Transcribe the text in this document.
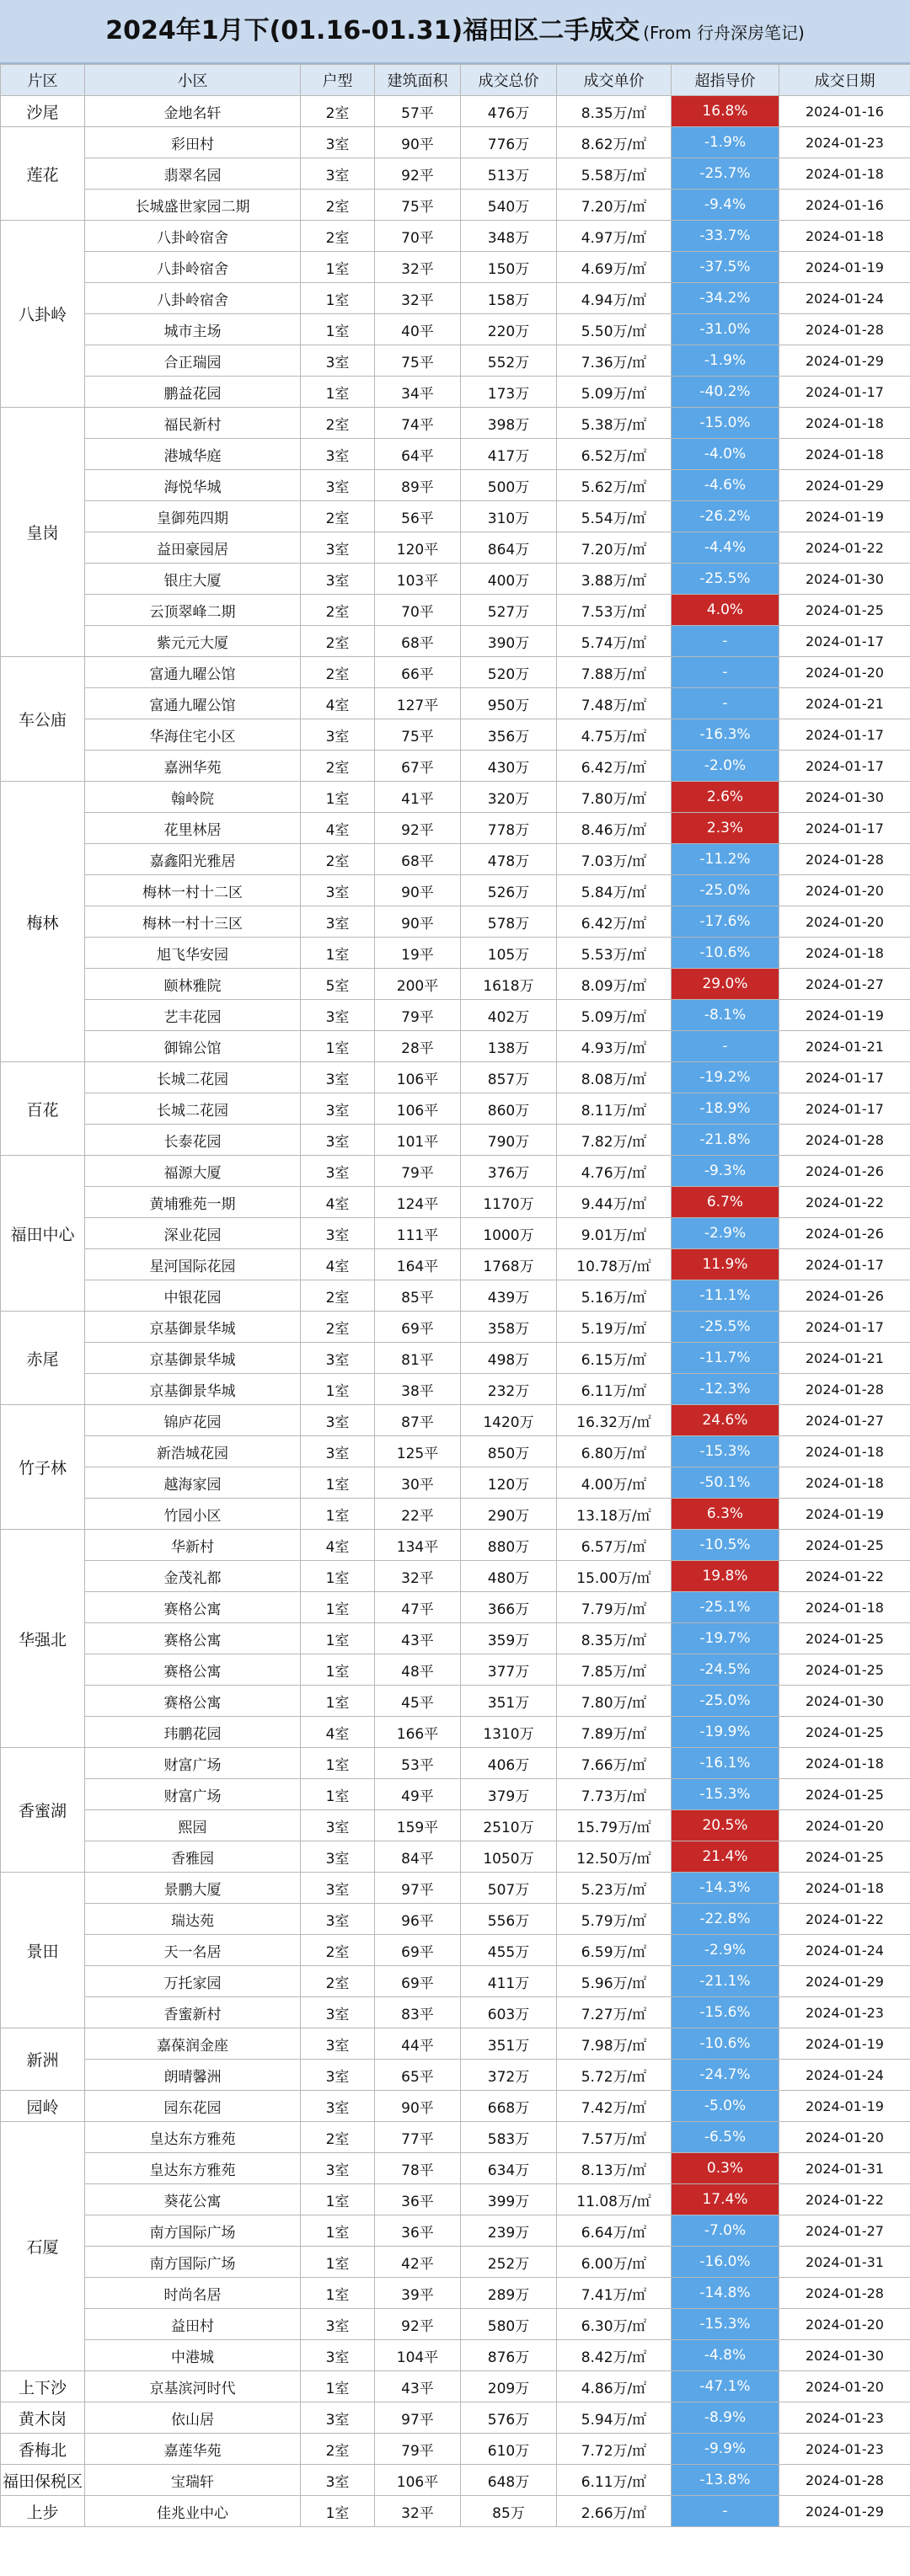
2024年1月下(01.16-01.31)福田区二手成交 (From 行舟深房笔记)
片区	小区	户型	建筑面积	成交总价	成交单价	超指导价	成交日期
沙尾	金地名轩	2室	57平	476万	8.35万/㎡	16.8%	2024-01-16
莲花	彩田村	3室	90平	776万	8.62万/㎡	-1.9%	2024-01-23
	翡翠名园	3室	92平	513万	5.58万/㎡	-25.7%	2024-01-18
	长城盛世家园二期	2室	75平	540万	7.20万/㎡	-9.4%	2024-01-16
八卦岭	八卦岭宿舍	2室	70平	348万	4.97万/㎡	-33.7%	2024-01-18
	八卦岭宿舍	1室	32平	150万	4.69万/㎡	-37.5%	2024-01-19
	八卦岭宿舍	1室	32平	158万	4.94万/㎡	-34.2%	2024-01-24
	城市主场	1室	40平	220万	5.50万/㎡	-31.0%	2024-01-28
	合正瑞园	3室	75平	552万	7.36万/㎡	-1.9%	2024-01-29
	鹏益花园	1室	34平	173万	5.09万/㎡	-40.2%	2024-01-17
皇岗	福民新村	2室	74平	398万	5.38万/㎡	-15.0%	2024-01-18
	港城华庭	3室	64平	417万	6.52万/㎡	-4.0%	2024-01-18
	海悦华城	3室	89平	500万	5.62万/㎡	-4.6%	2024-01-29
	皇御苑四期	2室	56平	310万	5.54万/㎡	-26.2%	2024-01-19
	益田豪园居	3室	120平	864万	7.20万/㎡	-4.4%	2024-01-22
	银庄大厦	3室	103平	400万	3.88万/㎡	-25.5%	2024-01-30
	云顶翠峰二期	2室	70平	527万	7.53万/㎡	4.0%	2024-01-25
	紫元元大厦	2室	68平	390万	5.74万/㎡	-	2024-01-17
车公庙	富通九曜公馆	2室	66平	520万	7.88万/㎡	-	2024-01-20
	富通九曜公馆	4室	127平	950万	7.48万/㎡	-	2024-01-21
	华海住宅小区	3室	75平	356万	4.75万/㎡	-16.3%	2024-01-17
	嘉洲华苑	2室	67平	430万	6.42万/㎡	-2.0%	2024-01-17
梅林	翰岭院	1室	41平	320万	7.80万/㎡	2.6%	2024-01-30
	花里林居	4室	92平	778万	8.46万/㎡	2.3%	2024-01-17
	嘉鑫阳光雅居	2室	68平	478万	7.03万/㎡	-11.2%	2024-01-28
	梅林一村十二区	3室	90平	526万	5.84万/㎡	-25.0%	2024-01-20
	梅林一村十三区	3室	90平	578万	6.42万/㎡	-17.6%	2024-01-20
	旭飞华安园	1室	19平	105万	5.53万/㎡	-10.6%	2024-01-18
	颐林雅院	5室	200平	1618万	8.09万/㎡	29.0%	2024-01-27
	艺丰花园	3室	79平	402万	5.09万/㎡	-8.1%	2024-01-19
	御锦公馆	1室	28平	138万	4.93万/㎡	-	2024-01-21
百花	长城二花园	3室	106平	857万	8.08万/㎡	-19.2%	2024-01-17
	长城二花园	3室	106平	860万	8.11万/㎡	-18.9%	2024-01-17
	长泰花园	3室	101平	790万	7.82万/㎡	-21.8%	2024-01-28
福田中心	福源大厦	3室	79平	376万	4.76万/㎡	-9.3%	2024-01-26
	黄埔雅苑一期	4室	124平	1170万	9.44万/㎡	6.7%	2024-01-22
	深业花园	3室	111平	1000万	9.01万/㎡	-2.9%	2024-01-26
	星河国际花园	4室	164平	1768万	10.78万/㎡	11.9%	2024-01-17
	中银花园	2室	85平	439万	5.16万/㎡	-11.1%	2024-01-26
赤尾	京基御景华城	2室	69平	358万	5.19万/㎡	-25.5%	2024-01-17
	京基御景华城	3室	81平	498万	6.15万/㎡	-11.7%	2024-01-21
	京基御景华城	1室	38平	232万	6.11万/㎡	-12.3%	2024-01-28
竹子林	锦庐花园	3室	87平	1420万	16.32万/㎡	24.6%	2024-01-27
	新浩城花园	3室	125平	850万	6.80万/㎡	-15.3%	2024-01-18
	越海家园	1室	30平	120万	4.00万/㎡	-50.1%	2024-01-18
	竹园小区	1室	22平	290万	13.18万/㎡	6.3%	2024-01-19
华强北	华新村	4室	134平	880万	6.57万/㎡	-10.5%	2024-01-25
	金茂礼都	1室	32平	480万	15.00万/㎡	19.8%	2024-01-22
	赛格公寓	1室	47平	366万	7.79万/㎡	-25.1%	2024-01-18
	赛格公寓	1室	43平	359万	8.35万/㎡	-19.7%	2024-01-25
	赛格公寓	1室	48平	377万	7.85万/㎡	-24.5%	2024-01-25
	赛格公寓	1室	45平	351万	7.80万/㎡	-25.0%	2024-01-30
	玮鹏花园	4室	166平	1310万	7.89万/㎡	-19.9%	2024-01-25
香蜜湖	财富广场	1室	53平	406万	7.66万/㎡	-16.1%	2024-01-18
	财富广场	1室	49平	379万	7.73万/㎡	-15.3%	2024-01-25
	熙园	3室	159平	2510万	15.79万/㎡	20.5%	2024-01-20
	香雅园	3室	84平	1050万	12.50万/㎡	21.4%	2024-01-25
景田	景鹏大厦	3室	97平	507万	5.23万/㎡	-14.3%	2024-01-18
	瑞达苑	3室	96平	556万	5.79万/㎡	-22.8%	2024-01-22
	天一名居	2室	69平	455万	6.59万/㎡	-2.9%	2024-01-24
	万托家园	2室	69平	411万	5.96万/㎡	-21.1%	2024-01-29
	香蜜新村	3室	83平	603万	7.27万/㎡	-15.6%	2024-01-23
新洲	嘉葆润金座	3室	44平	351万	7.98万/㎡	-10.6%	2024-01-19
	朗晴馨洲	3室	65平	372万	5.72万/㎡	-24.7%	2024-01-24
园岭	园东花园	3室	90平	668万	7.42万/㎡	-5.0%	2024-01-19
石厦	皇达东方雅苑	2室	77平	583万	7.57万/㎡	-6.5%	2024-01-20
	皇达东方雅苑	3室	78平	634万	8.13万/㎡	0.3%	2024-01-31
	葵花公寓	1室	36平	399万	11.08万/㎡	17.4%	2024-01-22
	南方国际广场	1室	36平	239万	6.64万/㎡	-7.0%	2024-01-27
	南方国际广场	1室	42平	252万	6.00万/㎡	-16.0%	2024-01-31
	时尚名居	1室	39平	289万	7.41万/㎡	-14.8%	2024-01-28
	益田村	3室	92平	580万	6.30万/㎡	-15.3%	2024-01-20
	中港城	3室	104平	876万	8.42万/㎡	-4.8%	2024-01-30
上下沙	京基滨河时代	1室	43平	209万	4.86万/㎡	-47.1%	2024-01-20
黄木岗	依山居	3室	97平	576万	5.94万/㎡	-8.9%	2024-01-23
香梅北	嘉莲华苑	2室	79平	610万	7.72万/㎡	-9.9%	2024-01-23
福田保税区	宝瑞轩	3室	106平	648万	6.11万/㎡	-13.8%	2024-01-28
上步	佳兆业中心	1室	32平	85万	2.66万/㎡	-	2024-01-29
